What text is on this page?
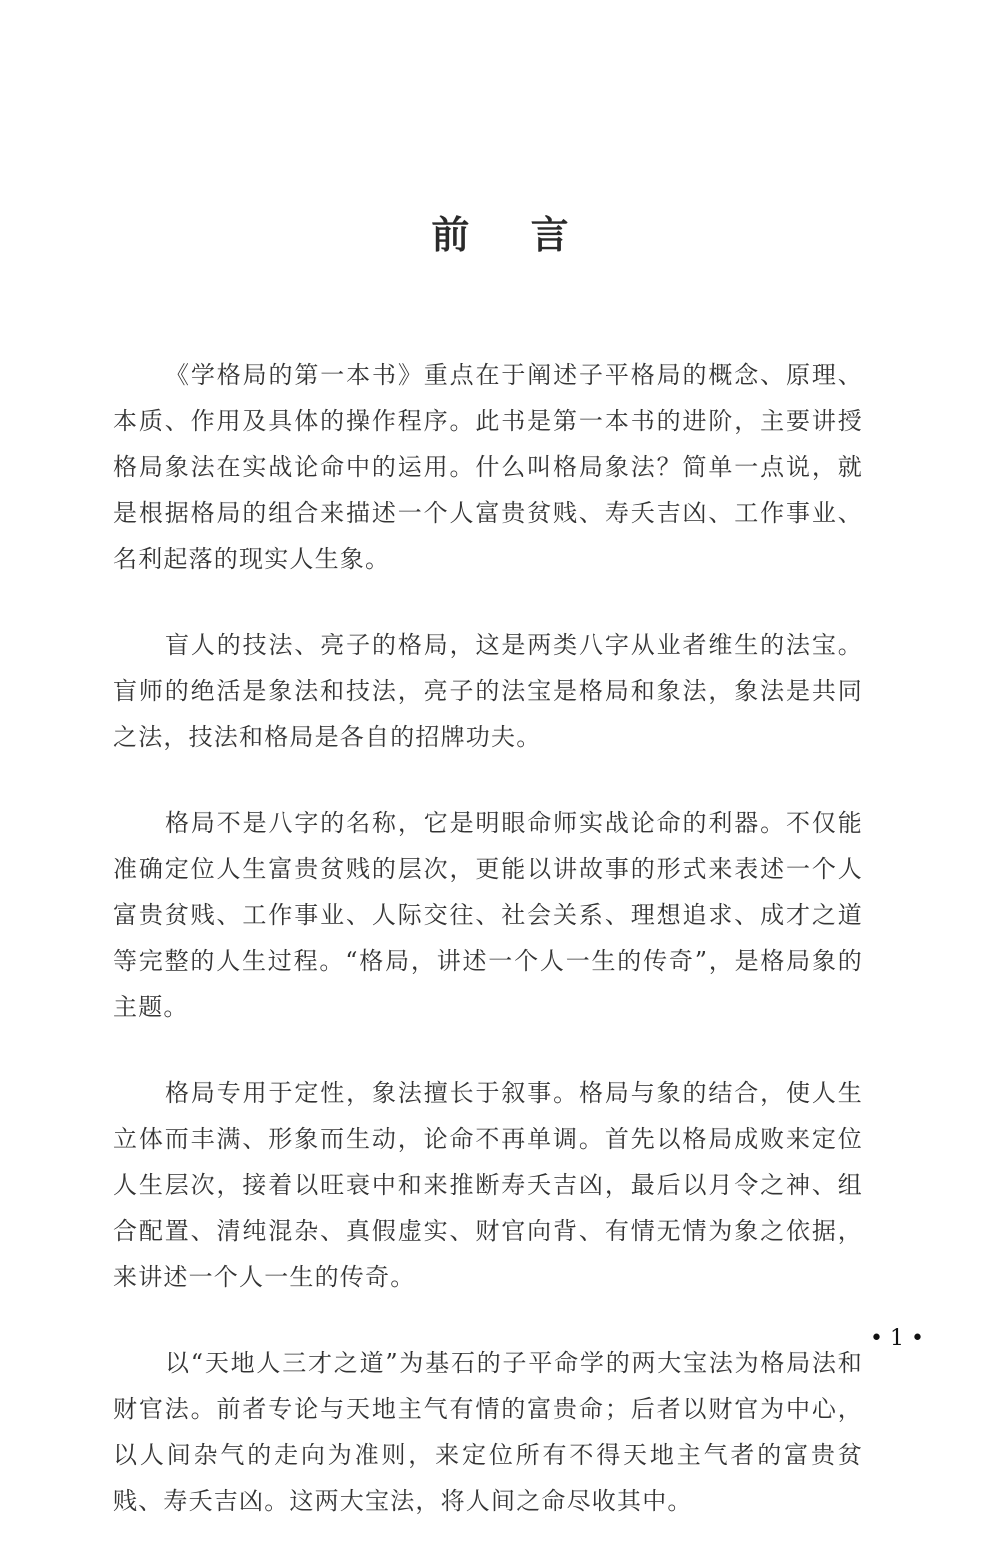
前 言

《学格局的第一本书》重点在于阐述子平格局的概念、原理、本质、作用及具体的操作程序。此书是第一本书的进阶，主要讲授格局象法在实战论命中的运用。什么叫格局象法？简单一点说，就是根据格局的组合来描述一个人富贵贫贱、寿夭吉凶、工作事业、名利起落的现实人生象。

盲人的技法、亮子的格局，这是两类八字从业者维生的法宝。盲师的绝活是象法和技法，亮子的法宝是格局和象法，象法是共同之法，技法和格局是各自的招牌功夫。

格局不是八字的名称，它是明眼命师实战论命的利器。不仅能准确定位人生富贵贫贱的层次，更能以讲故事的形式来表述一个人富贵贫贱、工作事业、人际交往、社会关系、理想追求、成才之道等完整的人生过程。“格局，讲述一个人一生的传奇”，是格局象的主题。

格局专用于定性，象法擅长于叙事。格局与象的结合，使人生立体而丰满、形象而生动，论命不再单调。首先以格局成败来定位人生层次，接着以旺衰中和来推断寿夭吉凶，最后以月令之神、组合配置、清纯混杂、真假虚实、财官向背、有情无情为象之依据，来讲述一个人一生的传奇。

以“天地人三才之道”为基石的子平命学的两大宝法为格局法和财官法。前者专论与天地主气有情的富贵命；后者以财官为中心，以人间杂气的走向为准则，来定位所有不得天地主气者的富贵贫贱、寿夭吉凶。这两大宝法，将人间之命尽收其中。

• 1 •
